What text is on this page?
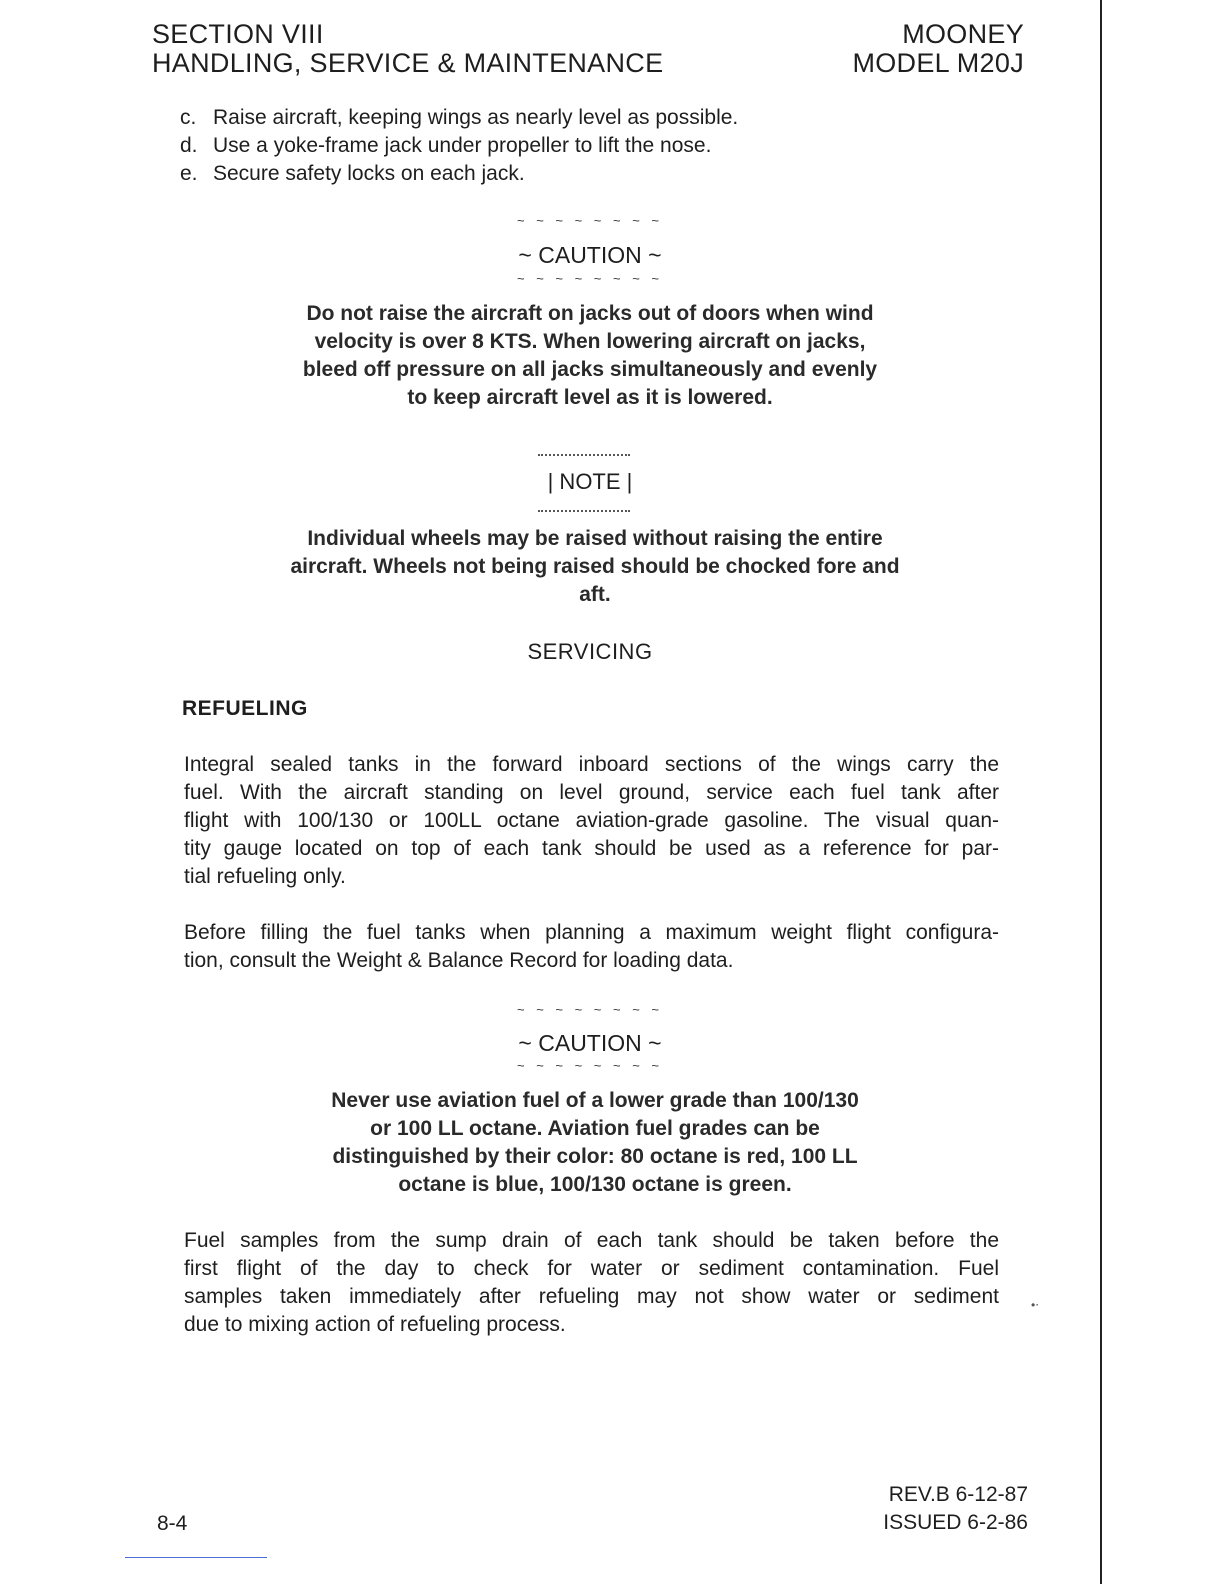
SECTION VIII
HANDLING, SERVICE & MAINTENANCE
MOONEY
MODEL M20J
c. Raise aircraft, keeping wings as nearly level as possible.
d. Use a yoke-frame jack under propeller to lift the nose.
e. Secure safety locks on each jack.
~ ~ ~ ~ ~ ~ ~ ~
~ CAUTION ~
~ ~ ~ ~ ~ ~ ~ ~
Do not raise the aircraft on jacks out of doors when wind
velocity is over 8 KTS. When lowering aircraft on jacks,
bleed off pressure on all jacks simultaneously and evenly
to keep aircraft level as it is lowered.
| NOTE |
Individual wheels may be raised without raising the entire
aircraft. Wheels not being raised should be chocked fore and
aft.
SERVICING
REFUELING
Integral sealed tanks in the forward inboard sections of the wings carry the
fuel. With the aircraft standing on level ground, service each fuel tank after
flight with 100/130 or 100LL octane aviation-grade gasoline. The visual quan-
tity gauge located on top of each tank should be used as a reference for par-
tial refueling only.
Before filling the fuel tanks when planning a maximum weight flight configura-
tion, consult the Weight & Balance Record for loading data.
~ ~ ~ ~ ~ ~ ~ ~
~ CAUTION ~
~ ~ ~ ~ ~ ~ ~ ~
Never use aviation fuel of a lower grade than 100/130
or 100 LL octane. Aviation fuel grades can be
distinguished by their color: 80 octane is red, 100 LL
octane is blue, 100/130 octane is green.
Fuel samples from the sump drain of each tank should be taken before the
first flight of the day to check for water or sediment contamination. Fuel
samples taken immediately after refueling may not show water or sediment
due to mixing action of refueling process.
•⋅
8-4
REV.B 6-12-87
ISSUED 6-2-86
